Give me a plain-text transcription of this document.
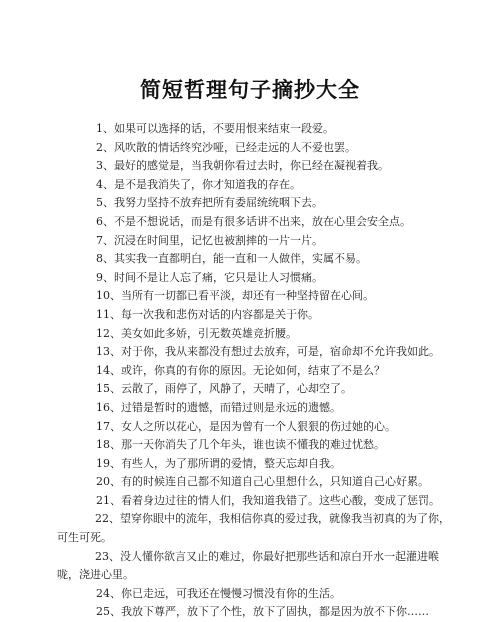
简短哲理句子摘抄大全
1、如果可以选择的话，不要用恨来结束一段爱。
2、风吹散的情话终究沙哑，已经走远的人不爱也罢。
3、最好的感觉是，当我朝你看过去时，你已经在凝视着我。
4、是不是我消失了，你才知道我的存在。
5、我努力坚持不放弃把所有委屈统统咽下去。
6、不是不想说话，而是有很多话讲不出来，放在心里会安全点。
7、沉浸在时间里，记忆也被割摔的一片一片。
8、其实我一直都明白，能一直和一人做伴，实属不易。
9、时间不是让人忘了痛，它只是让人习惯痛。
10、当所有一切都已看平淡，却还有一种坚持留在心间。
11、每一次我和悲伤对话的内容都是关于你。
12、美女如此多娇，引无数英雄竞折腰。
13、对于你，我从来都没有想过去放弃，可是，宿命却不允许我如此。
14、或许，你真的有你的原因。无论如何，结束了不是么？
15、云散了，雨停了，风静了，天晴了，心却空了。
16、过错是暂时的遗憾，而错过则是永远的遗憾。
17、女人之所以花心，是因为曾有一个人狠狠的伤过她的心。
18、那一天你消失了几个年头，谁也读不懂我的难过忧愁。
19、有些人，为了那所谓的爱情，整天忘却自我。
20、有的时候连自己都不知道自己心里想什么，只知道自己心好累。
21、看着身边过往的情人们，我知道我错了。这些心酸，变成了惩罚。
22、望穿你眼中的流年，我相信你真的爱过我，就像我当初真的为了你，可生可死。
23、没人懂你欲言又止的难过，你最好把那些话和凉白开水一起灌进喉咙，浇进心里。
24、你已走远，可我还在慢慢习惯没有你的生活。
25、我放下尊严，放下了个性，放下了固执，都是因为放不下你……
